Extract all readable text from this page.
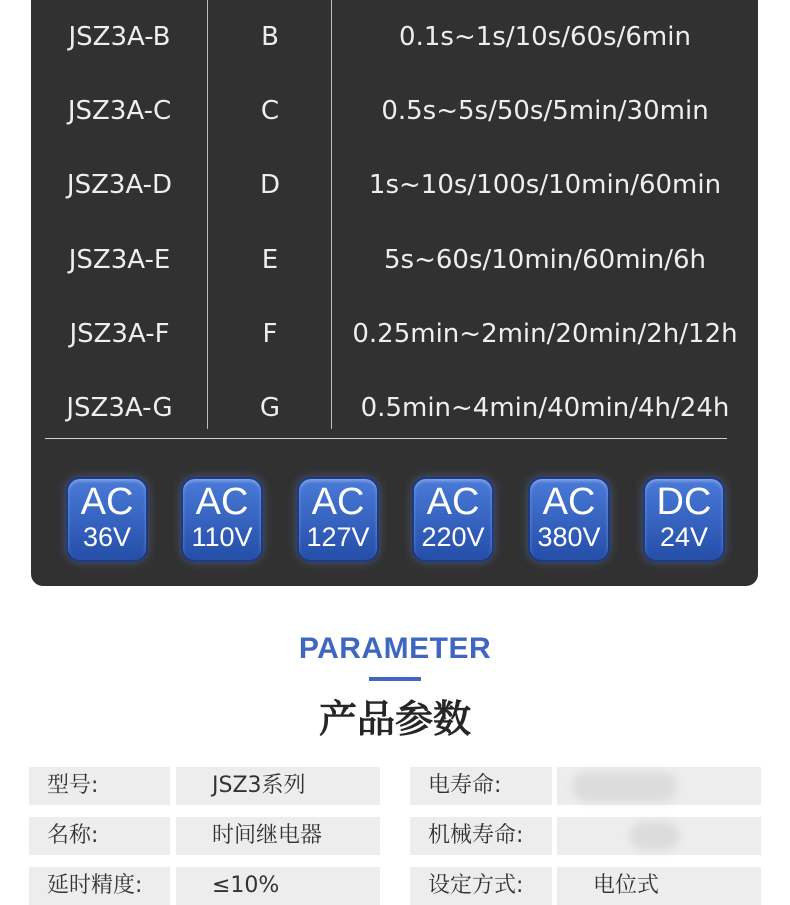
JSZ3A-B	B	0.1s~1s/10s/60s/6min
JSZ3A-C	C	0.5s~5s/50s/5min/30min
JSZ3A-D	D	1s~10s/100s/10min/60min
JSZ3A-E	E	5s~60s/10min/60min/6h
JSZ3A-F	F	0.25min~2min/20min/2h/12h
JSZ3A-G	G	0.5min~4min/40min/4h/24h
AC
36V
AC
110V
AC
127V
AC
220V
AC
380V
DC
24V
PARAMETER
产品参数
型号:	JSZ3系列	电寿命:
名称:	时间继电器	机械寿命:
延时精度:	≤10%	设定方式:	电位式
